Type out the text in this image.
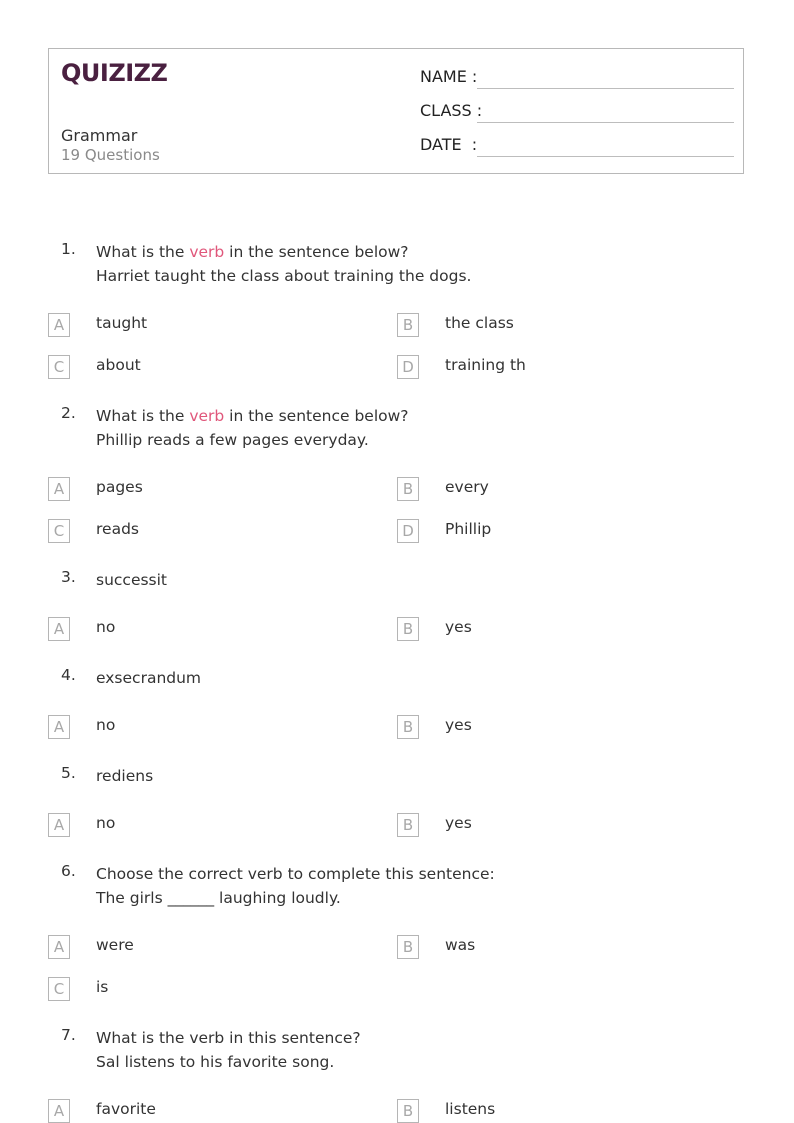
QUIZIZZ
Grammar
19 Questions
NAME :
CLASS :
DATE  :
1. What is the verb in the sentence below?
Harriet taught the class about training the dogs.
A	taught	B	the class
C	about	D	training th
2. What is the verb in the sentence below?
Phillip reads a few pages everyday.
A	pages	B	every
C	reads	D	Phillip
3. successit
A	no	B	yes
4. exsecrandum
A	no	B	yes
5. rediens
A	no	B	yes
6. Choose the correct verb to complete this sentence:
The girls ______ laughing loudly.
A	were	B	was
C	is
7. What is the verb in this sentence?
Sal listens to his favorite song.
A	favorite	B	listens
